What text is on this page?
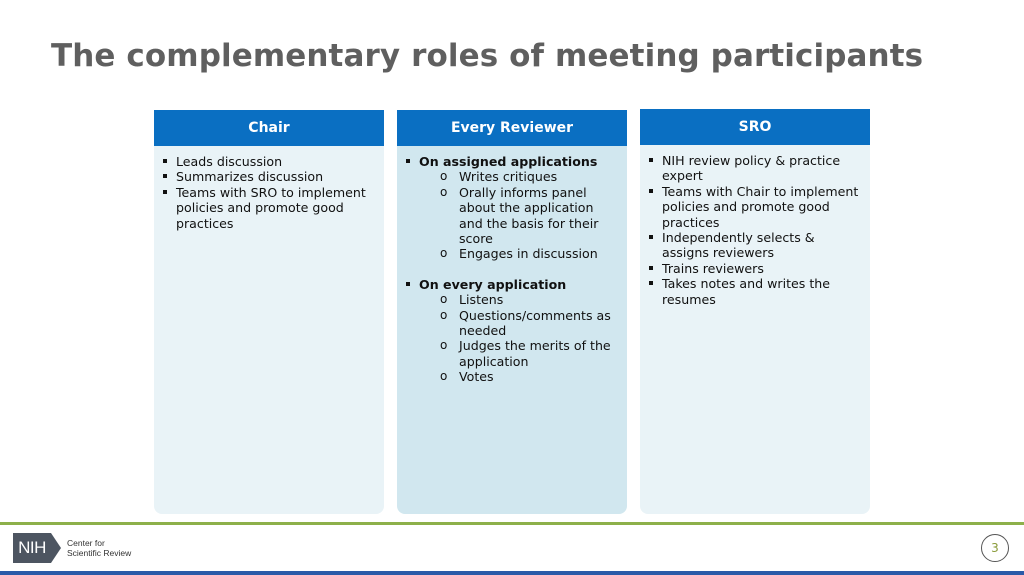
The complementary roles of meeting participants
Chair
Leads discussion
Summarizes discussion
Teams with SRO to implement policies and promote good practices
Every Reviewer
On assigned applications
o Writes critiques
o Orally informs panel about the application and the basis for their score
o Engages in discussion
On every application
o Listens
o Questions/comments as needed
o Judges the merits of the application
o Votes
SRO
NIH review policy & practice expert
Teams with Chair to implement policies and promote good practices
Independently selects & assigns reviewers
Trains reviewers
Takes notes and writes the resumes
NIH	Center for
Scientific Review	3
